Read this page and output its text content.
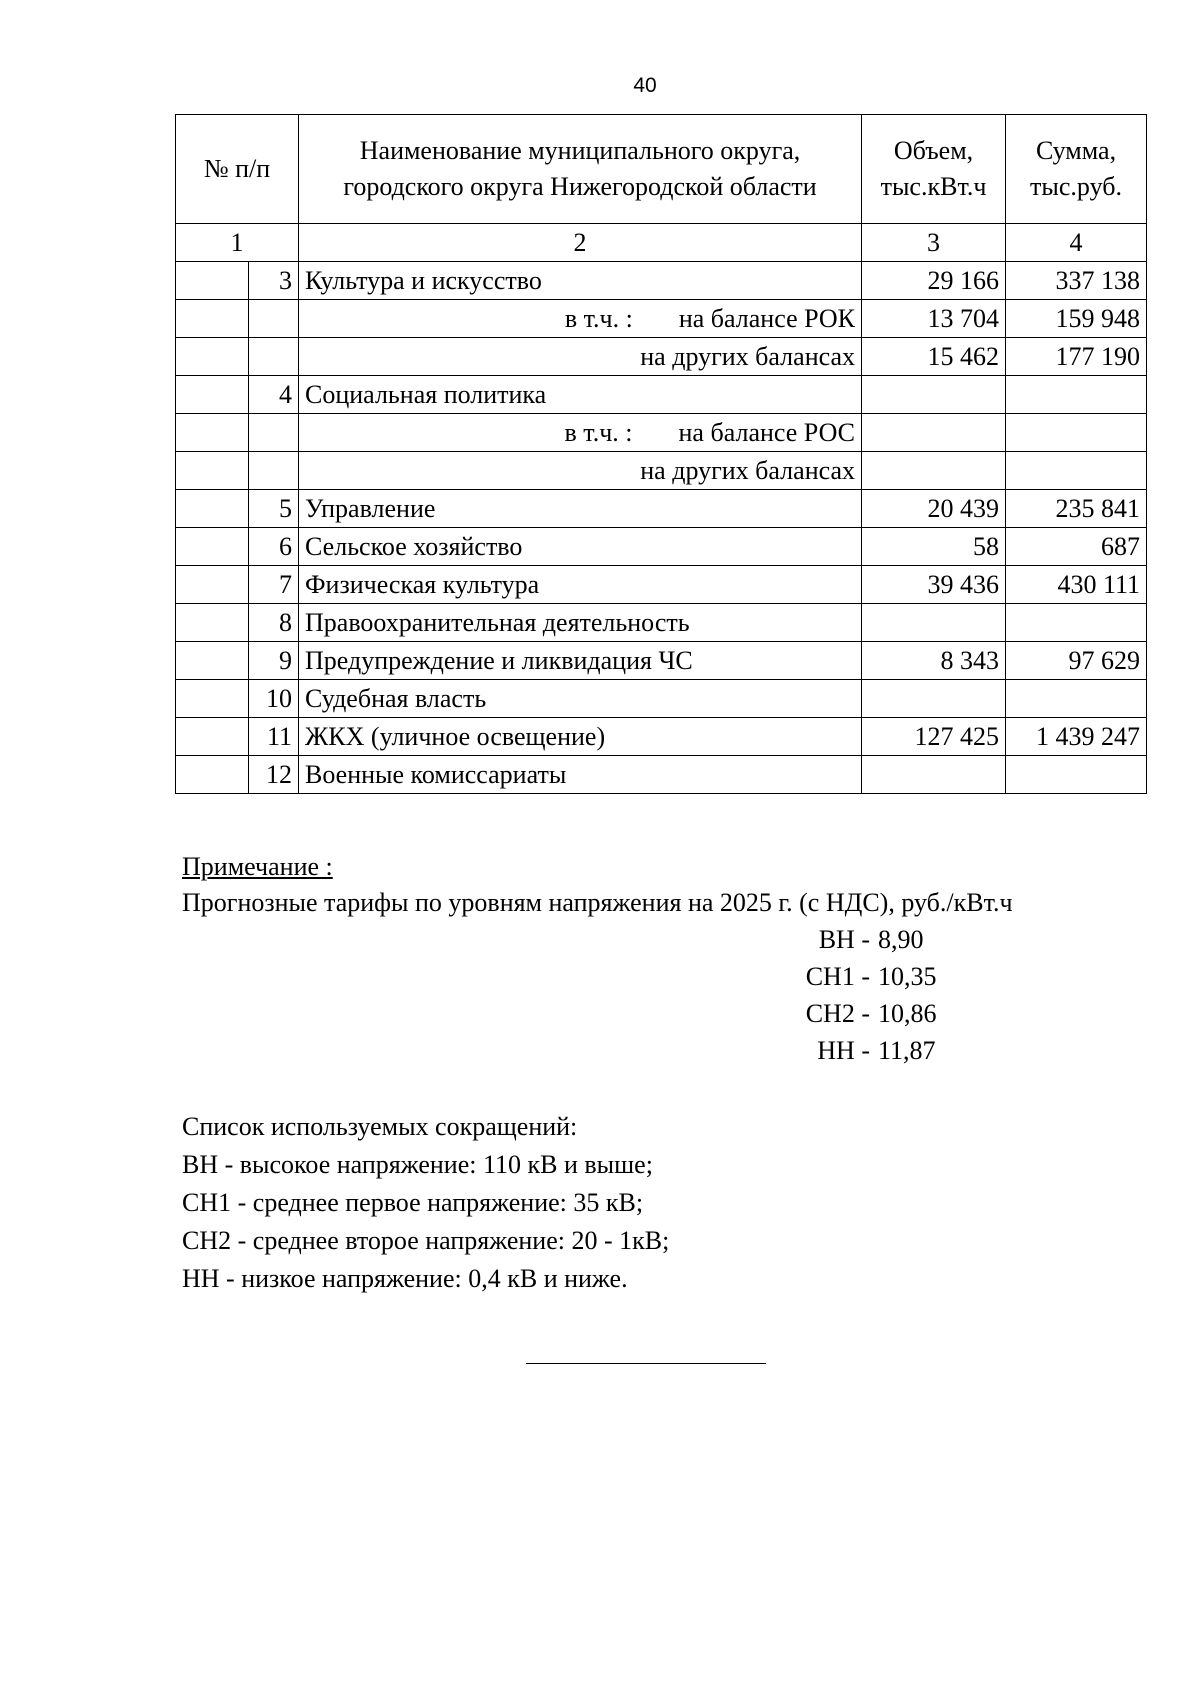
40
№ п/п		Наименование муниципального округа, городского округа Нижегородской области	Объем, тыс.кВт.ч	Сумма, тыс.руб.
1		2	3	4
	3	Культура и искусство	29 166	337 138
		в т.ч. : на балансе РОК	13 704	159 948
		на других балансах	15 462	177 190
	4	Социальная политика		
		в т.ч. : на балансе РОС		
		на других балансах		
	5	Управление	20 439	235 841
	6	Сельское хозяйство	58	687
	7	Физическая культура	39 436	430 111
	8	Правоохранительная деятельность		
	9	Предупреждение и ликвидация ЧС	8 343	97 629
	10	Судебная власть		
	11	ЖКХ (уличное освещение)	127 425	1 439 247
	12	Военные комиссариаты		
Примечание :
Прогнозные тарифы по уровням напряжения на 2025 г. (с НДС), руб./кВт.ч
ВН - 8,90
СН1 - 10,35
СН2 - 10,86
НН - 11,87
Список используемых сокращений:
ВН - высокое напряжение: 110 кВ и выше;
СН1 - среднее первое напряжение: 35 кВ;
СН2 - среднее второе напряжение: 20 - 1кВ;
НН - низкое напряжение: 0,4 кВ и ниже.
